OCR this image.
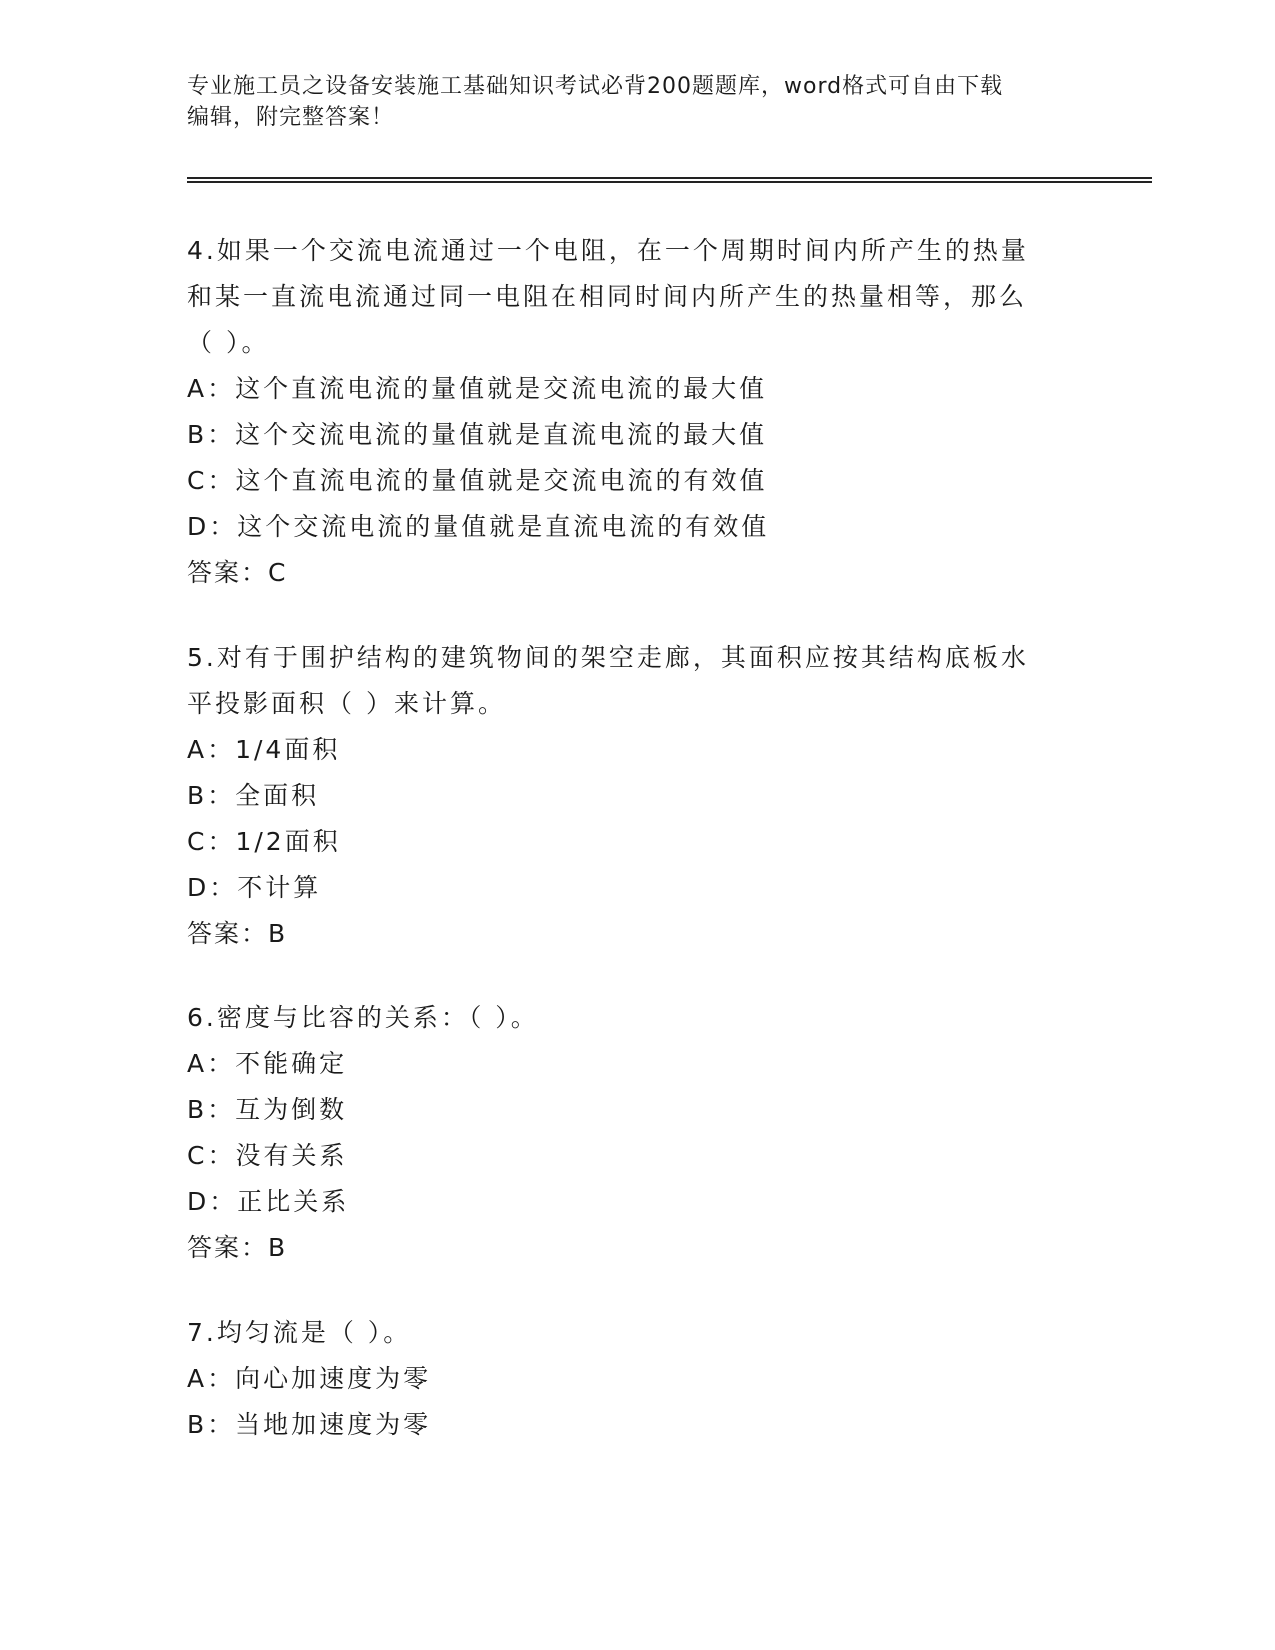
专业施工员之设备安装施工基础知识考试必背200题题库，word格式可自由下载
编辑，附完整答案！
4.如果一个交流电流通过一个电阻，在一个周期时间内所产生的热量
和某一直流电流通过同一电阻在相同时间内所产生的热量相等，那么
（ ）。
A：这个直流电流的量值就是交流电流的最大值
B：这个交流电流的量值就是直流电流的最大值
C：这个直流电流的量值就是交流电流的有效值
D：这个交流电流的量值就是直流电流的有效值
答案：C
5.对有于围护结构的建筑物间的架空走廊，其面积应按其结构底板水
平投影面积（ ）来计算。
A：1/4面积
B：全面积
C：1/2面积
D：不计算
答案：B
6.密度与比容的关系：（ ）。
A：不能确定
B：互为倒数
C：没有关系
D：正比关系
答案：B
7.均匀流是（ ）。
A：向心加速度为零
B：当地加速度为零
